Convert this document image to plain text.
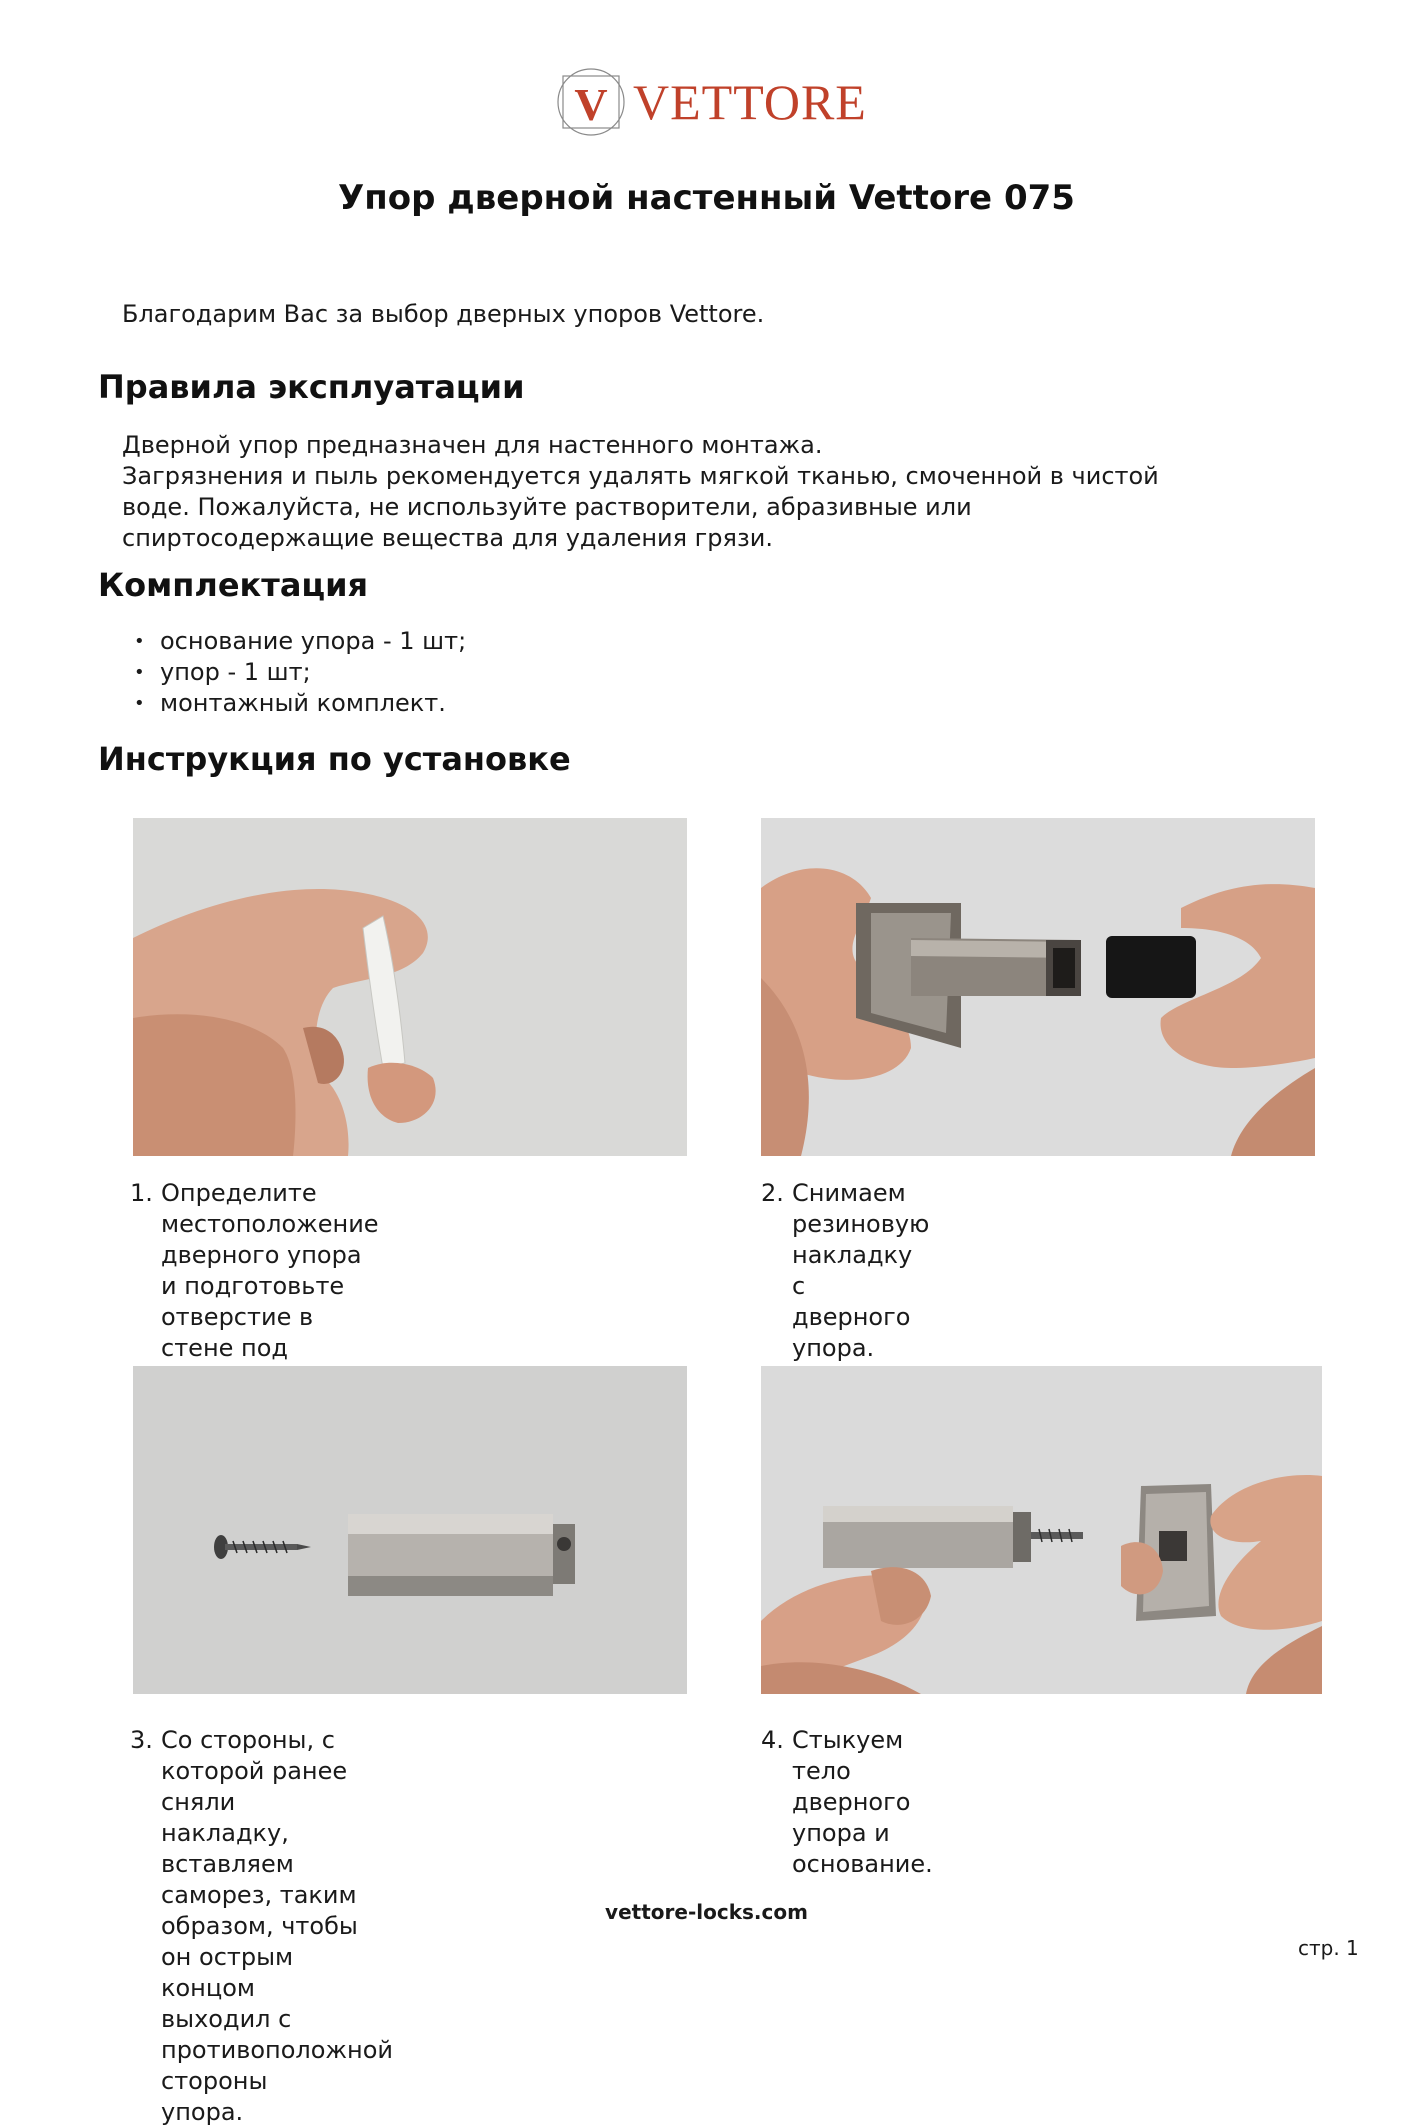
V VETTORE
Упор дверной настенный Vettore 075

Благодарим Вас за выбор дверных упоров Vettore.

Правила эксплуатации

Дверной упор предназначен для настенного монтажа.
Загрязнения и пыль рекомендуется удалять мягкой тканью, смоченной в чистой
воде. Пожалуйста, не используйте растворители, абразивные или
спиртосодержащие вещества для удаления грязи.

Комплектация
• основание упора - 1 шт;
• упор - 1 шт;
• монтажный комплект.
Инструкция по установке
1. Определите местоположение
дверного упора и подготовьте
отверстие в стене под
2. Снимаем резиновую накладку с
дверного упора.
3. Со стороны, с которой ранее сняли
накладку, вставляем саморез, таким
образом, чтобы он острым концом
выходил с противоположной стороны
упора.
4. Стыкуем тело дверного упора и
основание.

vettore-locks.com

стр. 1
